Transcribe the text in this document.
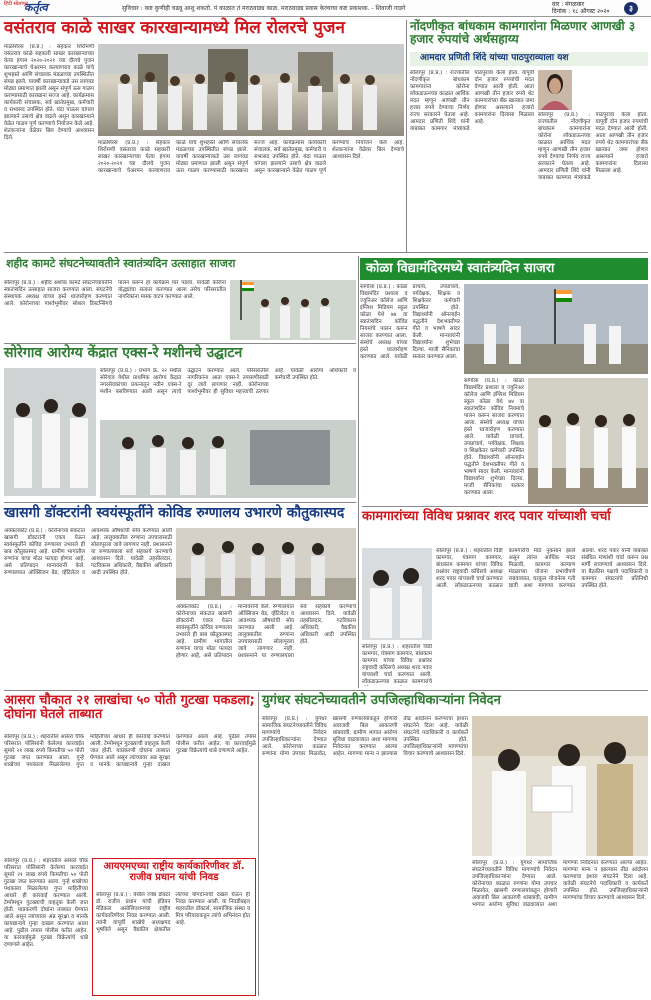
हिंदी सोलापूर
कर्तृत्व	सुविचार : कष्ट कुणीही चढवू आशु शकतो. पं काळात तं मराठवाड्य काळ. मराठवाड्य प्रवास केल्याचा कष्ट प्रकाशक. - शिवाजी गाडगे
वार : मंगळवार
दिनांक : १८ ऑगस्ट २०२०	३
वसंतराव काळे साखर कारखान्यामध्ये मिल रोलरचे पुजन
माळशिरस (प्र.प्र.) : सहकार शिरोमणी वसंतराव काळे सहकारी साखर कारखान्याच्या येत्या हंगाम २०२०-२०२१ च्या दौलचे पुजन कारखान्याचे चेअरमन कल्याणराव काळे यांचे शुभहस्ते आणि संचालक मंडळाच्या उपस्थितीत संपन्न झाले. यावर्षी कारखान्याकडे उस लागवड मोठ्या प्रमाणात झाली असून संपूर्ण ऊस गाळप करण्यासाठी कारखाना सज्ज आहे. कार्यक्रमास कार्यकारी संचालक, सर्व खातेप्रमुख, कर्मचारी व सभासद उपस्थित होते. यंदा पाऊस चांगला झाल्याने उसाचे क्षेत्र वाढले असून कारखान्याने वेळेत गाळप पूर्ण करण्याचे नियोजन केले आहे. शेतकऱ्यांना वेळेवर बिल देण्याचे आश्वासन दिले.
माळशिरस (प्र.प्र.) : सहकार शिरोमणी वसंतराव काळे सहकारी साखर कारखान्याच्या येत्या हंगाम २०२०-२०२१ च्या दौलचे पुजन कारखान्याचे चेअरमन कल्याणराव काळे यांचे शुभहस्ते आणि संचालक मंडळाच्या उपस्थितीत संपन्न झाले. यावर्षी कारखान्याकडे उस लागवड मोठ्या प्रमाणात झाली असून संपूर्ण ऊस गाळप करण्यासाठी कारखाना सज्ज आहे. कार्यक्रमास कार्यकारी संचालक, सर्व खातेप्रमुख, कर्मचारी व सभासद उपस्थित होते. यंदा पाऊस चांगला झाल्याने उसाचे क्षेत्र वाढले असून कारखान्याने वेळेत गाळप पूर्ण करण्याचे नियोजन केले आहे. शेतकऱ्यांना वेळेवर बिल देण्याचे आश्वासन दिले.
नोंदणीकृत बांधकाम कामगारांना मिळणार आणखी ३ हजार रुपयांचे अर्थसहाय्य
आमदार प्रणिती शिंदे यांच्या पाठपुराव्याला यश
सोलापूर (प्र.प्र.) : राज्यातील नोंदणीकृत बांधकाम कामगारांना कोरोना लॉकडाऊनच्या काळात आर्थिक मदत म्हणून आणखी तीन हजार रुपये देण्याचा निर्णय राज्य सरकारने घेतला आहे. आमदार प्रणिती शिंदे यांनी याबाबत कामगार मंत्र्यांकडे पाठपुरावा केला होता. यापूर्वी दोन हजार रुपयांची मदत देण्यात आली होती. आता आणखी तीन हजार रुपये थेट कामगारांच्या बँक खात्यात जमा होणार असल्याने हजारो कामगारांना दिलासा मिळाला आहे.
सोलापूर (प्र.प्र.) : राज्यातील नोंदणीकृत बांधकाम कामगारांना कोरोना लॉकडाऊनच्या काळात आर्थिक मदत म्हणून आणखी तीन हजार रुपये देण्याचा निर्णय राज्य सरकारने घेतला आहे. आमदार प्रणिती शिंदे यांनी याबाबत कामगार मंत्र्यांकडे पाठपुरावा केला होता. यापूर्वी दोन हजार रुपयांची मदत देण्यात आली होती. आता आणखी तीन हजार रुपये थेट कामगारांच्या बँक खात्यात जमा होणार असल्याने हजारो कामगारांना दिलासा मिळाला आहे.
शहीद कामटे संघटनेच्यावतीने स्वातंत्र्यदिन उत्साहात साजरा
सोलापूर (प्र.प्र.) : शहीद अशोक कामटे संघटनेच्यावतीने स्वातंत्र्यदिन उत्साहात साजरा करण्यात आला. संघटनेचे संस्थापक अध्यक्ष यांच्या हस्ते ध्वजारोहण करण्यात आले. कोरोनाच्या पार्श्वभूमीवर सोशल डिस्टन्सिंगचे पालन करून हा कार्यक्रम पार पडला. यावेळी कोरोना योद्ध्यांचा सत्कार करण्यात आला तसेच परिसरातील नागरिकांना मास्क वाटप करण्यात आले.
कोळा विद्यामंदिरमध्ये स्वातंत्र्यदिन साजरा
सांगोला (प्र.प्र.) : कोळा विद्यामंदिर प्रशाला व ज्युनिअर कॉलेज आणि इंग्लिश मिडियम स्कूल कोळा येथे ७४ वा स्वातंत्र्यदिन कोविड नियमांचे पालन करून साजरा करण्यात आला. संस्थेचे अध्यक्ष यांच्या हस्ते ध्वजारोहण करण्यात आले. यावेळी प्राचार्य, उपप्राचार्य, पर्यवेक्षक, शिक्षक व शिक्षकेतर कर्मचारी उपस्थित होते. विद्यार्थ्यांनी ऑनलाईन पद्धतीने देशभक्तीपर गीते व भाषणे सादर केली. मान्यवरांनी विद्यार्थ्यांना शुभेच्छा दिल्या. माजी सैनिकांचा सत्कार करण्यात आला.
सांगोला (प्र.प्र.) : कोळा विद्यामंदिर प्रशाला व ज्युनिअर कॉलेज आणि इंग्लिश मिडियम स्कूल कोळा येथे ७४ वा स्वातंत्र्यदिन कोविड नियमांचे पालन करून साजरा करण्यात आला. संस्थेचे अध्यक्ष यांच्या हस्ते ध्वजारोहण करण्यात आले. यावेळी प्राचार्य, उपप्राचार्य, पर्यवेक्षक, शिक्षक व शिक्षकेतर कर्मचारी उपस्थित होते. विद्यार्थ्यांनी ऑनलाईन पद्धतीने देशभक्तीपर गीते व भाषणे सादर केली. मान्यवरांनी विद्यार्थ्यांना शुभेच्छा दिल्या. माजी सैनिकांचा सत्कार करण्यात आला.
सोरेगाव आरोग्य केंद्रात एक्स-रे मशीनचे उद्घाटन
सोलापूर (प्र.प्र.) : प्रभाग क्र. २२ मधील सोरेगाव येथील प्राथमिक आरोग्य केंद्रात नगरसेवकांच्या प्रयत्नातून नवीन एक्स-रे मशीन बसविण्यात आली असून त्याचे उद्घाटन करण्यात आले. परिसरातील नागरिकांना आता एक्स-रे तपासणीसाठी दूर जावे लागणार नाही. कोरोनाच्या पार्श्वभूमीवर ही सुविधा महत्त्वाची ठरणार आहे. यावेळी आरोग्य अधिकारी व कर्मचारी उपस्थित होते.
खासगी डॉक्टरांनी स्वयंस्फूर्तीने कोविड रुग्णालय उभारणे कौतुकास्पद
अक्कलकोट (प्र.प्र.) : कोरोनाच्या संकटात खासगी डॉक्टरांनी एकत्र येऊन स्वयंस्फूर्तीने कोविड रुग्णालय उभारले ही बाब कौतुकास्पद आहे. ग्रामीण भागातील रुग्णांना याचा मोठा फायदा होणार आहे, असे प्रतिपादन मान्यवरांनी केले. रुग्णालयात ऑक्सिजन बेड, व्हेंटिलेटर व आवश्यक औषधांची सोय करण्यात आली आहे. तालुक्यातील रुग्णांना उपचारासाठी सोलापूरला जावे लागणार नाही. प्रशासनाने या रुग्णालयाला सर्व सहकार्य करण्याचे आश्वासन दिले. यावेळी तहसीलदार, गटविकास अधिकारी, वैद्यकीय अधिकारी आदी उपस्थित होते.
अक्कलकोट (प्र.प्र.) : कोरोनाच्या संकटात खासगी डॉक्टरांनी एकत्र येऊन स्वयंस्फूर्तीने कोविड रुग्णालय उभारले ही बाब कौतुकास्पद आहे. ग्रामीण भागातील रुग्णांना याचा मोठा फायदा होणार आहे, असे प्रतिपादन मान्यवरांनी केले. रुग्णालयात ऑक्सिजन बेड, व्हेंटिलेटर व आवश्यक औषधांची सोय करण्यात आली आहे. तालुक्यातील रुग्णांना उपचारासाठी सोलापूरला जावे लागणार नाही. प्रशासनाने या रुग्णालयाला सर्व सहकार्य करण्याचे आश्वासन दिले. यावेळी तहसीलदार, गटविकास अधिकारी, वैद्यकीय अधिकारी आदी उपस्थित होते.
कामगारांच्या विविध प्रश्नावर शरद पवार यांच्याशी चर्चा
सोलापूर (प्र.प्र.) : शहरातील विडी कामगार, यंत्रमाग कामगार, बांधकाम कामगार यांच्या विविध प्रश्नांवर राष्ट्रवादी काँग्रेसचे अध्यक्ष शरद पवार यांच्याशी चर्चा करण्यात आली. लॉकडाऊनच्या काळात कामगारांचे मोठे नुकसान झाले असून त्यांना आर्थिक मदत मिळावी, कामगार कल्याण मंडळाच्या योजना प्रभावीपणे राबवाव्यात, घरकुल योजनेला गती द्यावी अशा मागण्या करण्यात आल्या. शरद पवार यांनी याबाबत संबंधित मंत्र्यांशी चर्चा करून प्रश्न मार्गी लावण्याचे आश्वासन दिले. या बैठकीस पक्षाचे पदाधिकारी व कामगार संघटनांचे प्रतिनिधी उपस्थित होते.
सोलापूर (प्र.प्र.) : शहरातील विडी कामगार, यंत्रमाग कामगार, बांधकाम कामगार यांच्या विविध प्रश्नांवर राष्ट्रवादी काँग्रेसचे अध्यक्ष शरद पवार यांच्याशी चर्चा करण्यात आली. लॉकडाऊनच्या काळात कामगारांचे
आसरा चौकात २१ लाखांचा ५० पोती गुटखा पकडला; दोघांना घेतले ताब्यात
सोलापूर (प्र.प्र.) : शहरातील आसरा चौक परिसरात पोलिसांनी केलेल्या कारवाईत सुमारे २१ लाख रुपये किमतीचा ५० पोती गुटखा जप्त करण्यात आला. गुन्हे शाखेच्या पथकाला मिळालेल्या गुप्त माहितीच्या आधारे ही कारवाई करण्यात आली. टेम्पोमधून गुटख्याची वाहतूक केली जात होती. याप्रकरणी दोघांना ताब्यात घेण्यात आले असून त्यांच्यावर अन्न सुरक्षा व मानके कायद्यान्वये गुन्हा दाखल करण्यात आला आहे. पुढील तपास पोलीस करीत आहेत. या कारवाईमुळे गुटखा विक्रेत्यांचे धाबे दणाणले आहेत.
सोलापूर (प्र.प्र.) : शहरातील आसरा चौक परिसरात पोलिसांनी केलेल्या कारवाईत सुमारे २१ लाख रुपये किमतीचा ५० पोती गुटखा जप्त करण्यात आला. गुन्हे शाखेच्या पथकाला मिळालेल्या गुप्त माहितीच्या आधारे ही कारवाई करण्यात आली. टेम्पोमधून गुटख्याची वाहतूक केली जात होती. याप्रकरणी दोघांना ताब्यात घेण्यात आले असून त्यांच्यावर अन्न सुरक्षा व मानके कायद्यान्वये गुन्हा दाखल करण्यात आला आहे. पुढील तपास पोलीस करीत आहेत. या कारवाईमुळे गुटखा विक्रेत्यांचे धाबे दणाणले आहेत.
आयएमएच्या राष्ट्रीय कार्यकारिणीवर डॉ. राजीव प्रधान यांची निवड
सोलापूर (प्र.प्र.) : येथील ज्येष्ठ डॉक्टर डॉ. राजीव प्रधान यांची इंडियन मेडिकल असोसिएशनच्या राष्ट्रीय कार्यकारिणीवर निवड करण्यात आली. त्यांनी यापूर्वी शाखेचे अध्यक्षपद भूषविले असून वैद्यकीय क्षेत्रातील त्यांच्या योगदानाची दखल घेऊन ही निवड करण्यात आली. या निवडीबद्दल शहरातील डॉक्टर्स, सामाजिक संस्था व मित्र परिवाराकडून त्यांचे अभिनंदन होत आहे.
युगंधर संघटनेच्यावतीने उपजिल्हाधिकाऱ्यांना निवेदन
सोलापूर (प्र.प्र.) : युगंधर सामाजिक संघटनेच्यावतीने विविध मागण्यांचे निवेदन उपजिल्हाधिकाऱ्यांना देण्यात आले. कोरोनाच्या काळात रुग्णांना योग्य उपचार मिळावेत, खासगी रुग्णालयांकडून होणारी अवाजवी बिल आकारणी थांबवावी, ग्रामीण भागात आरोग्य सुविधा वाढवाव्यात अशा मागण्या निवेदनात करण्यात आल्या आहेत. मागण्या मान्य न झाल्यास तीव्र आंदोलन करण्याचा इशारा संघटनेने दिला आहे. यावेळी संघटनेचे पदाधिकारी व कार्यकर्ते उपस्थित होते. उपजिल्हाधिकाऱ्यांनी मागण्यांचा विचार करण्याचे आश्वासन दिले.
सोलापूर (प्र.प्र.) : युगंधर सामाजिक संघटनेच्यावतीने विविध मागण्यांचे निवेदन उपजिल्हाधिकाऱ्यांना देण्यात आले. कोरोनाच्या काळात रुग्णांना योग्य उपचार मिळावेत, खासगी रुग्णालयांकडून होणारी अवाजवी बिल आकारणी थांबवावी, ग्रामीण भागात आरोग्य सुविधा वाढवाव्यात अशा मागण्या निवेदनात करण्यात आल्या आहेत. मागण्या मान्य न झाल्यास तीव्र आंदोलन करण्याचा इशारा संघटनेने दिला आहे. यावेळी संघटनेचे पदाधिकारी व कार्यकर्ते उपस्थित होते. उपजिल्हाधिकाऱ्यांनी मागण्यांचा विचार करण्याचे आश्वासन दिले.
